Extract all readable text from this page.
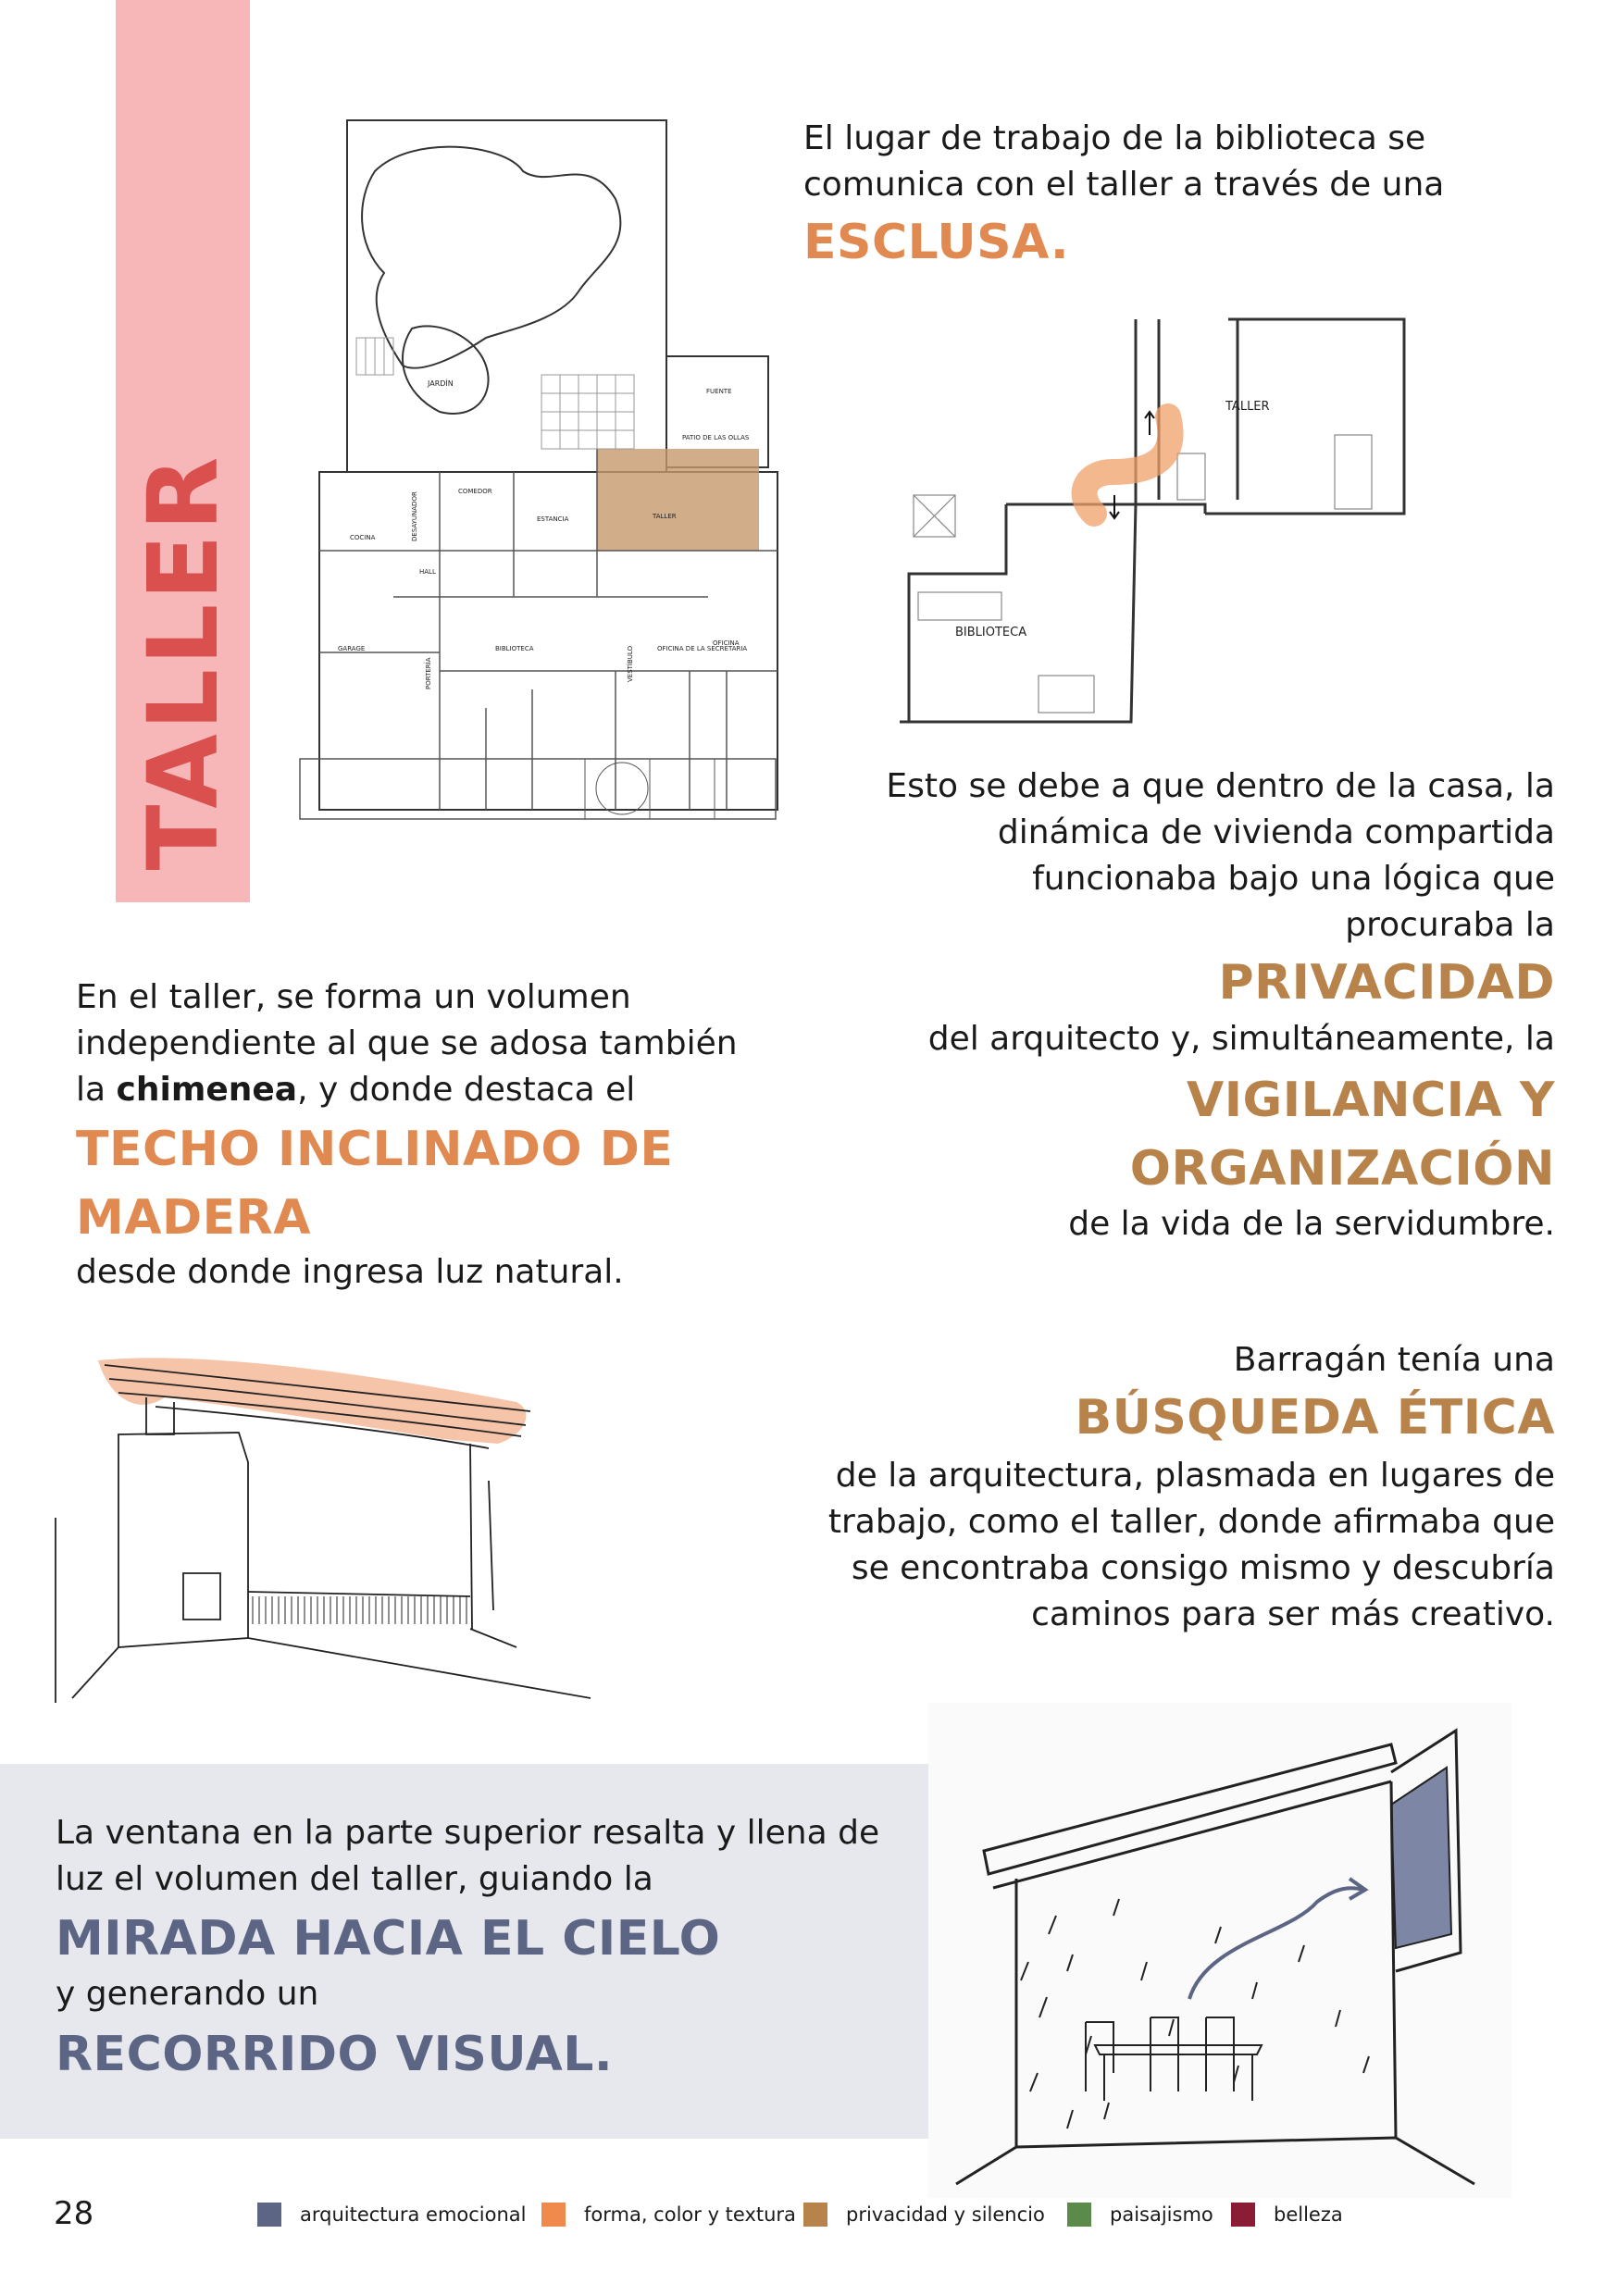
TALLER
JARDÍN
FUENTE
PATIO DE LAS OLLAS
COMEDOR
ESTANCIA	TALLER
COCINA	DESAYUNADOR
HALL
GARAGE
PORTERÍA
BIBLIOTECA	VESTÍBULO	OFICINA DE LA SECRETARIA
OFICINA
El lugar de trabajo de la biblioteca se comunica con el taller a través de una
ESCLUSA.
TALLER
BIBLIOTECA
Esto se debe a que dentro de la casa, la
dinámica de vivienda compartida
funcionaba bajo una lógica que
procuraba la
PRIVACIDAD
del arquitecto y, simultáneamente, la
VIGILANCIA Y
ORGANIZACIÓN
de la vida de la servidumbre.
En el taller, se forma un volumen
independiente al que se adosa también
la chimenea, y donde destaca el
TECHO INCLINADO DE
MADERA
desde donde ingresa luz natural.
Barragán tenía una
BÚSQUEDA ÉTICA
de la arquitectura, plasmada en lugares de
trabajo, como el taller, donde afirmaba que
se encontraba consigo mismo y descubría
caminos para ser más creativo.
La ventana en la parte superior resalta y llena de
luz el volumen del taller, guiando la
MIRADA HACIA EL CIELO
y generando un
RECORRIDO VISUAL.
28	arquitectura emocional	forma, color y textura	privacidad y silencio	paisajismo	belleza
